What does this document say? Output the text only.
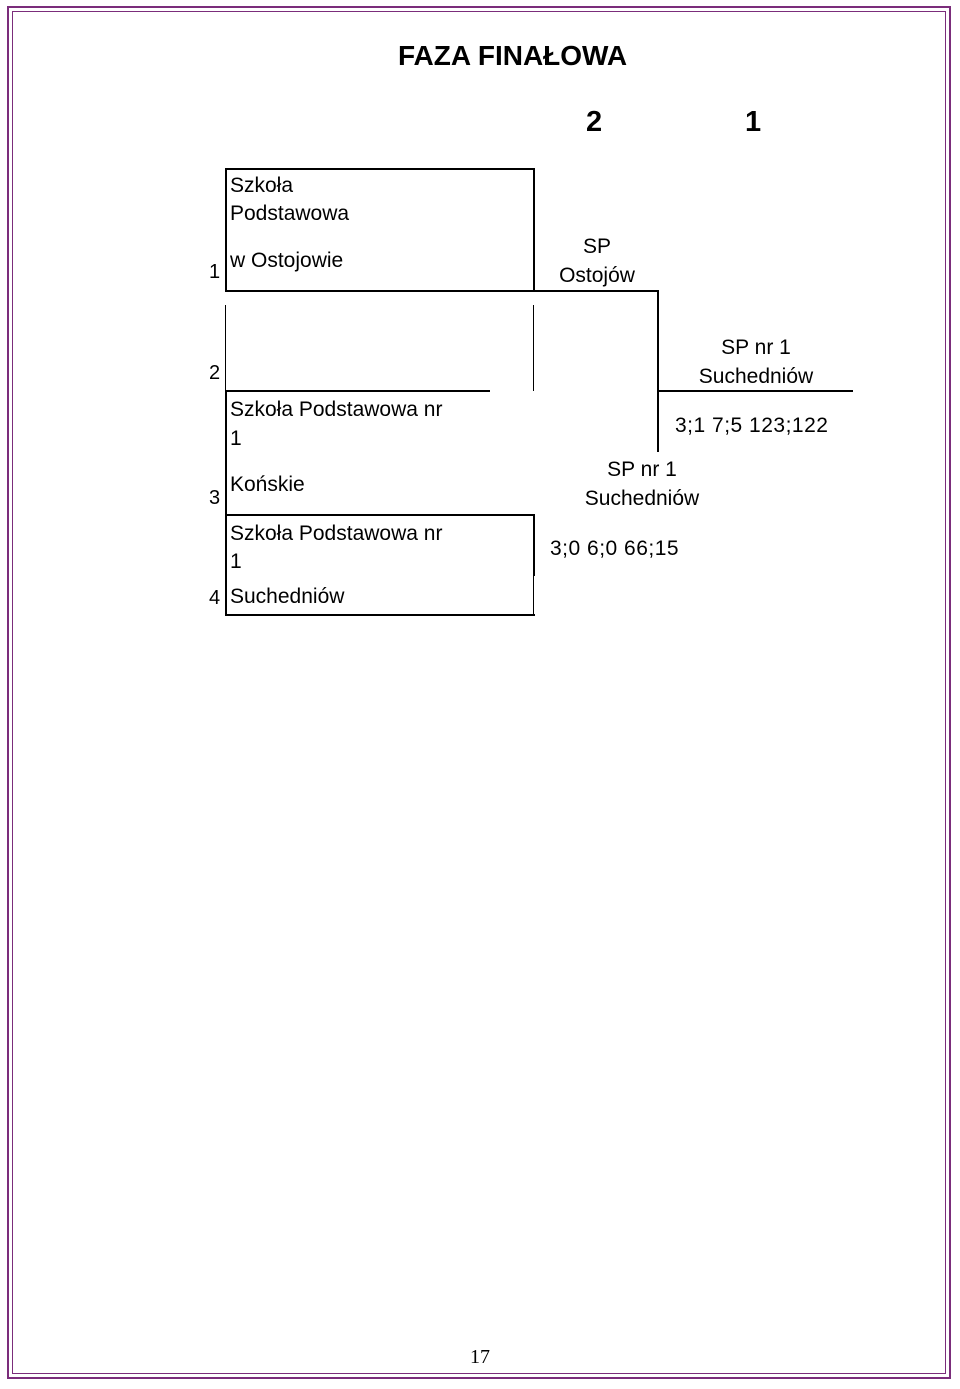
FAZA FINAŁOWA
2	1
1
2
3
4
Szkoła
Podstawowa
w Ostojowie
Szkoła Podstawowa nr
1
Końskie
Szkoła Podstawowa nr
1
Suchedniów
SP
Ostojów
SP nr 1
Suchedniów
3;0 6;0 66;15
SP nr 1
Suchedniów
3;1 7;5 123;122
17
